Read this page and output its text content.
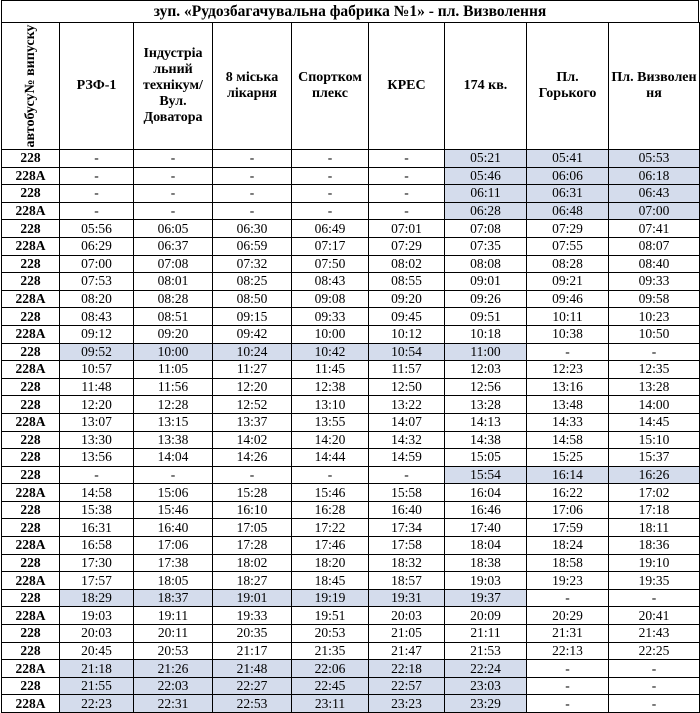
зуп. «Рудозбагачувальна фабрика №1» - пл. Визволення
автобусу№ випуску	РЗФ-1	Індустріа льний технікум/ Вул. Доватора	8 міська лікарня	Спортком плекс	КРЕС	174 кв.	Пл. Горького	Пл. Визволен ня
228	-	-	-	-	-	05:21	05:41	05:53
228А	-	-	-	-	-	05:46	06:06	06:18
228	-	-	-	-	-	06:11	06:31	06:43
228А	-	-	-	-	-	06:28	06:48	07:00
228	05:56	06:05	06:30	06:49	07:01	07:08	07:29	07:41
228А	06:29	06:37	06:59	07:17	07:29	07:35	07:55	08:07
228	07:00	07:08	07:32	07:50	08:02	08:08	08:28	08:40
228	07:53	08:01	08:25	08:43	08:55	09:01	09:21	09:33
228А	08:20	08:28	08:50	09:08	09:20	09:26	09:46	09:58
228	08:43	08:51	09:15	09:33	09:45	09:51	10:11	10:23
228А	09:12	09:20	09:42	10:00	10:12	10:18	10:38	10:50
228	09:52	10:00	10:24	10:42	10:54	11:00	-	-
228А	10:57	11:05	11:27	11:45	11:57	12:03	12:23	12:35
228	11:48	11:56	12:20	12:38	12:50	12:56	13:16	13:28
228	12:20	12:28	12:52	13:10	13:22	13:28	13:48	14:00
228А	13:07	13:15	13:37	13:55	14:07	14:13	14:33	14:45
228	13:30	13:38	14:02	14:20	14:32	14:38	14:58	15:10
228	13:56	14:04	14:26	14:44	14:59	15:05	15:25	15:37
228	-	-	-	-	-	15:54	16:14	16:26
228А	14:58	15:06	15:28	15:46	15:58	16:04	16:22	17:02
228	15:38	15:46	16:10	16:28	16:40	16:46	17:06	17:18
228	16:31	16:40	17:05	17:22	17:34	17:40	17:59	18:11
228А	16:58	17:06	17:28	17:46	17:58	18:04	18:24	18:36
228	17:30	17:38	18:02	18:20	18:32	18:38	18:58	19:10
228А	17:57	18:05	18:27	18:45	18:57	19:03	19:23	19:35
228	18:29	18:37	19:01	19:19	19:31	19:37	-	-
228А	19:03	19:11	19:33	19:51	20:03	20:09	20:29	20:41
228	20:03	20:11	20:35	20:53	21:05	21:11	21:31	21:43
228	20:45	20:53	21:17	21:35	21:47	21:53	22:13	22:25
228А	21:18	21:26	21:48	22:06	22:18	22:24	-	-
228	21:55	22:03	22:27	22:45	22:57	23:03	-	-
228А	22:23	22:31	22:53	23:11	23:23	23:29	-	-
